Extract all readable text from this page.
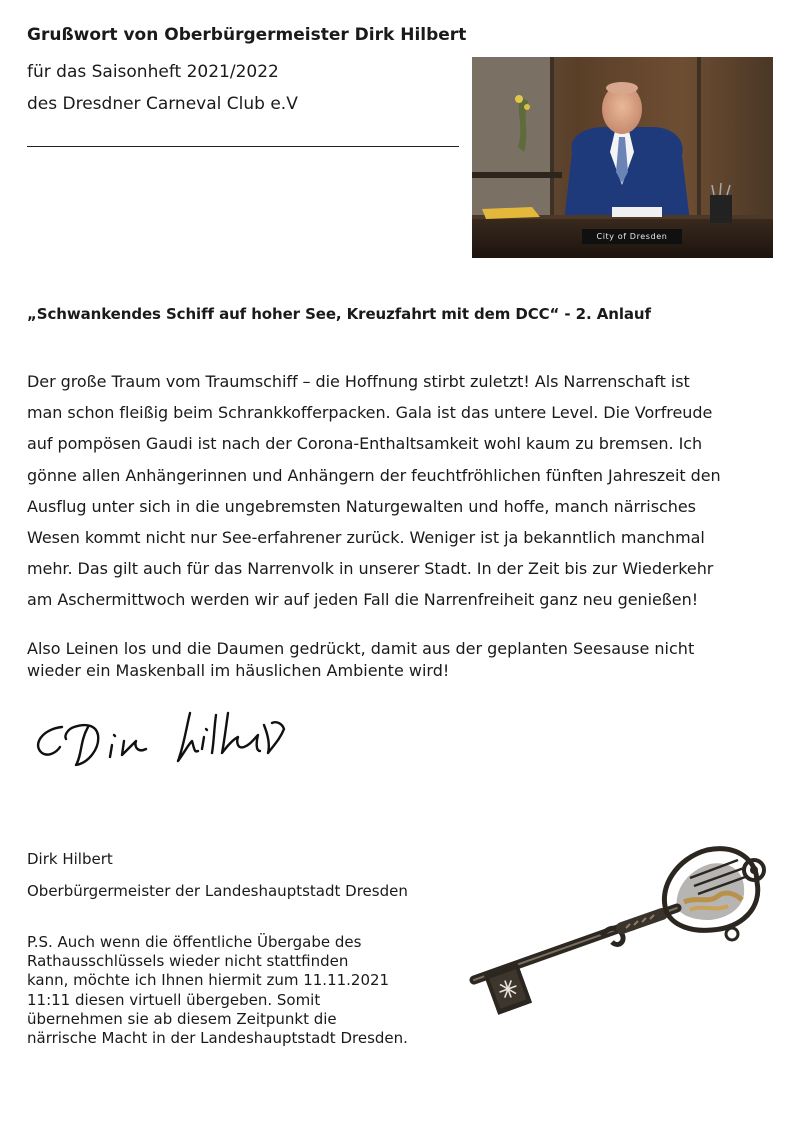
Grußwort von Oberbürgermeister Dirk Hilbert
für das Saisonheft 2021/2022
des Dresdner Carneval Club e.V
City of Dresden
„Schwankendes Schiff auf hoher See, Kreuzfahrt mit dem DCC“ - 2. Anlauf
Der große Traum vom Traumschiff – die Hoffnung stirbt zuletzt! Als Narrenschaft ist
man schon fleißig beim Schrankkofferpacken. Gala ist das untere Level. Die Vorfreude
auf pompösen Gaudi ist nach der Corona-Enthaltsamkeit wohl kaum zu bremsen. Ich
gönne allen Anhängerinnen und Anhängern der feuchtfröhlichen fünften Jahreszeit den
Ausflug unter sich in die ungebremsten Naturgewalten und hoffe, manch närrisches
Wesen kommt nicht nur See-erfahrener zurück. Weniger ist ja bekanntlich manchmal
mehr. Das gilt auch für das Narrenvolk in unserer Stadt. In der Zeit bis zur Wiederkehr
am Aschermittwoch werden wir auf jeden Fall die Narrenfreiheit ganz neu genießen!
Also Leinen los und die Daumen gedrückt, damit aus der geplanten Seesause nicht
wieder ein Maskenball im häuslichen Ambiente wird!
Dirk Hilbert
Oberbürgermeister der Landeshauptstadt Dresden
P.S. Auch wenn die öffentliche Übergabe des
Rathausschlüssels wieder nicht stattfinden
kann, möchte ich Ihnen hiermit zum 11.11.2021
11:11 diesen virtuell übergeben. Somit
übernehmen sie ab diesem Zeitpunkt die
närrische Macht in der Landeshauptstadt Dresden.
